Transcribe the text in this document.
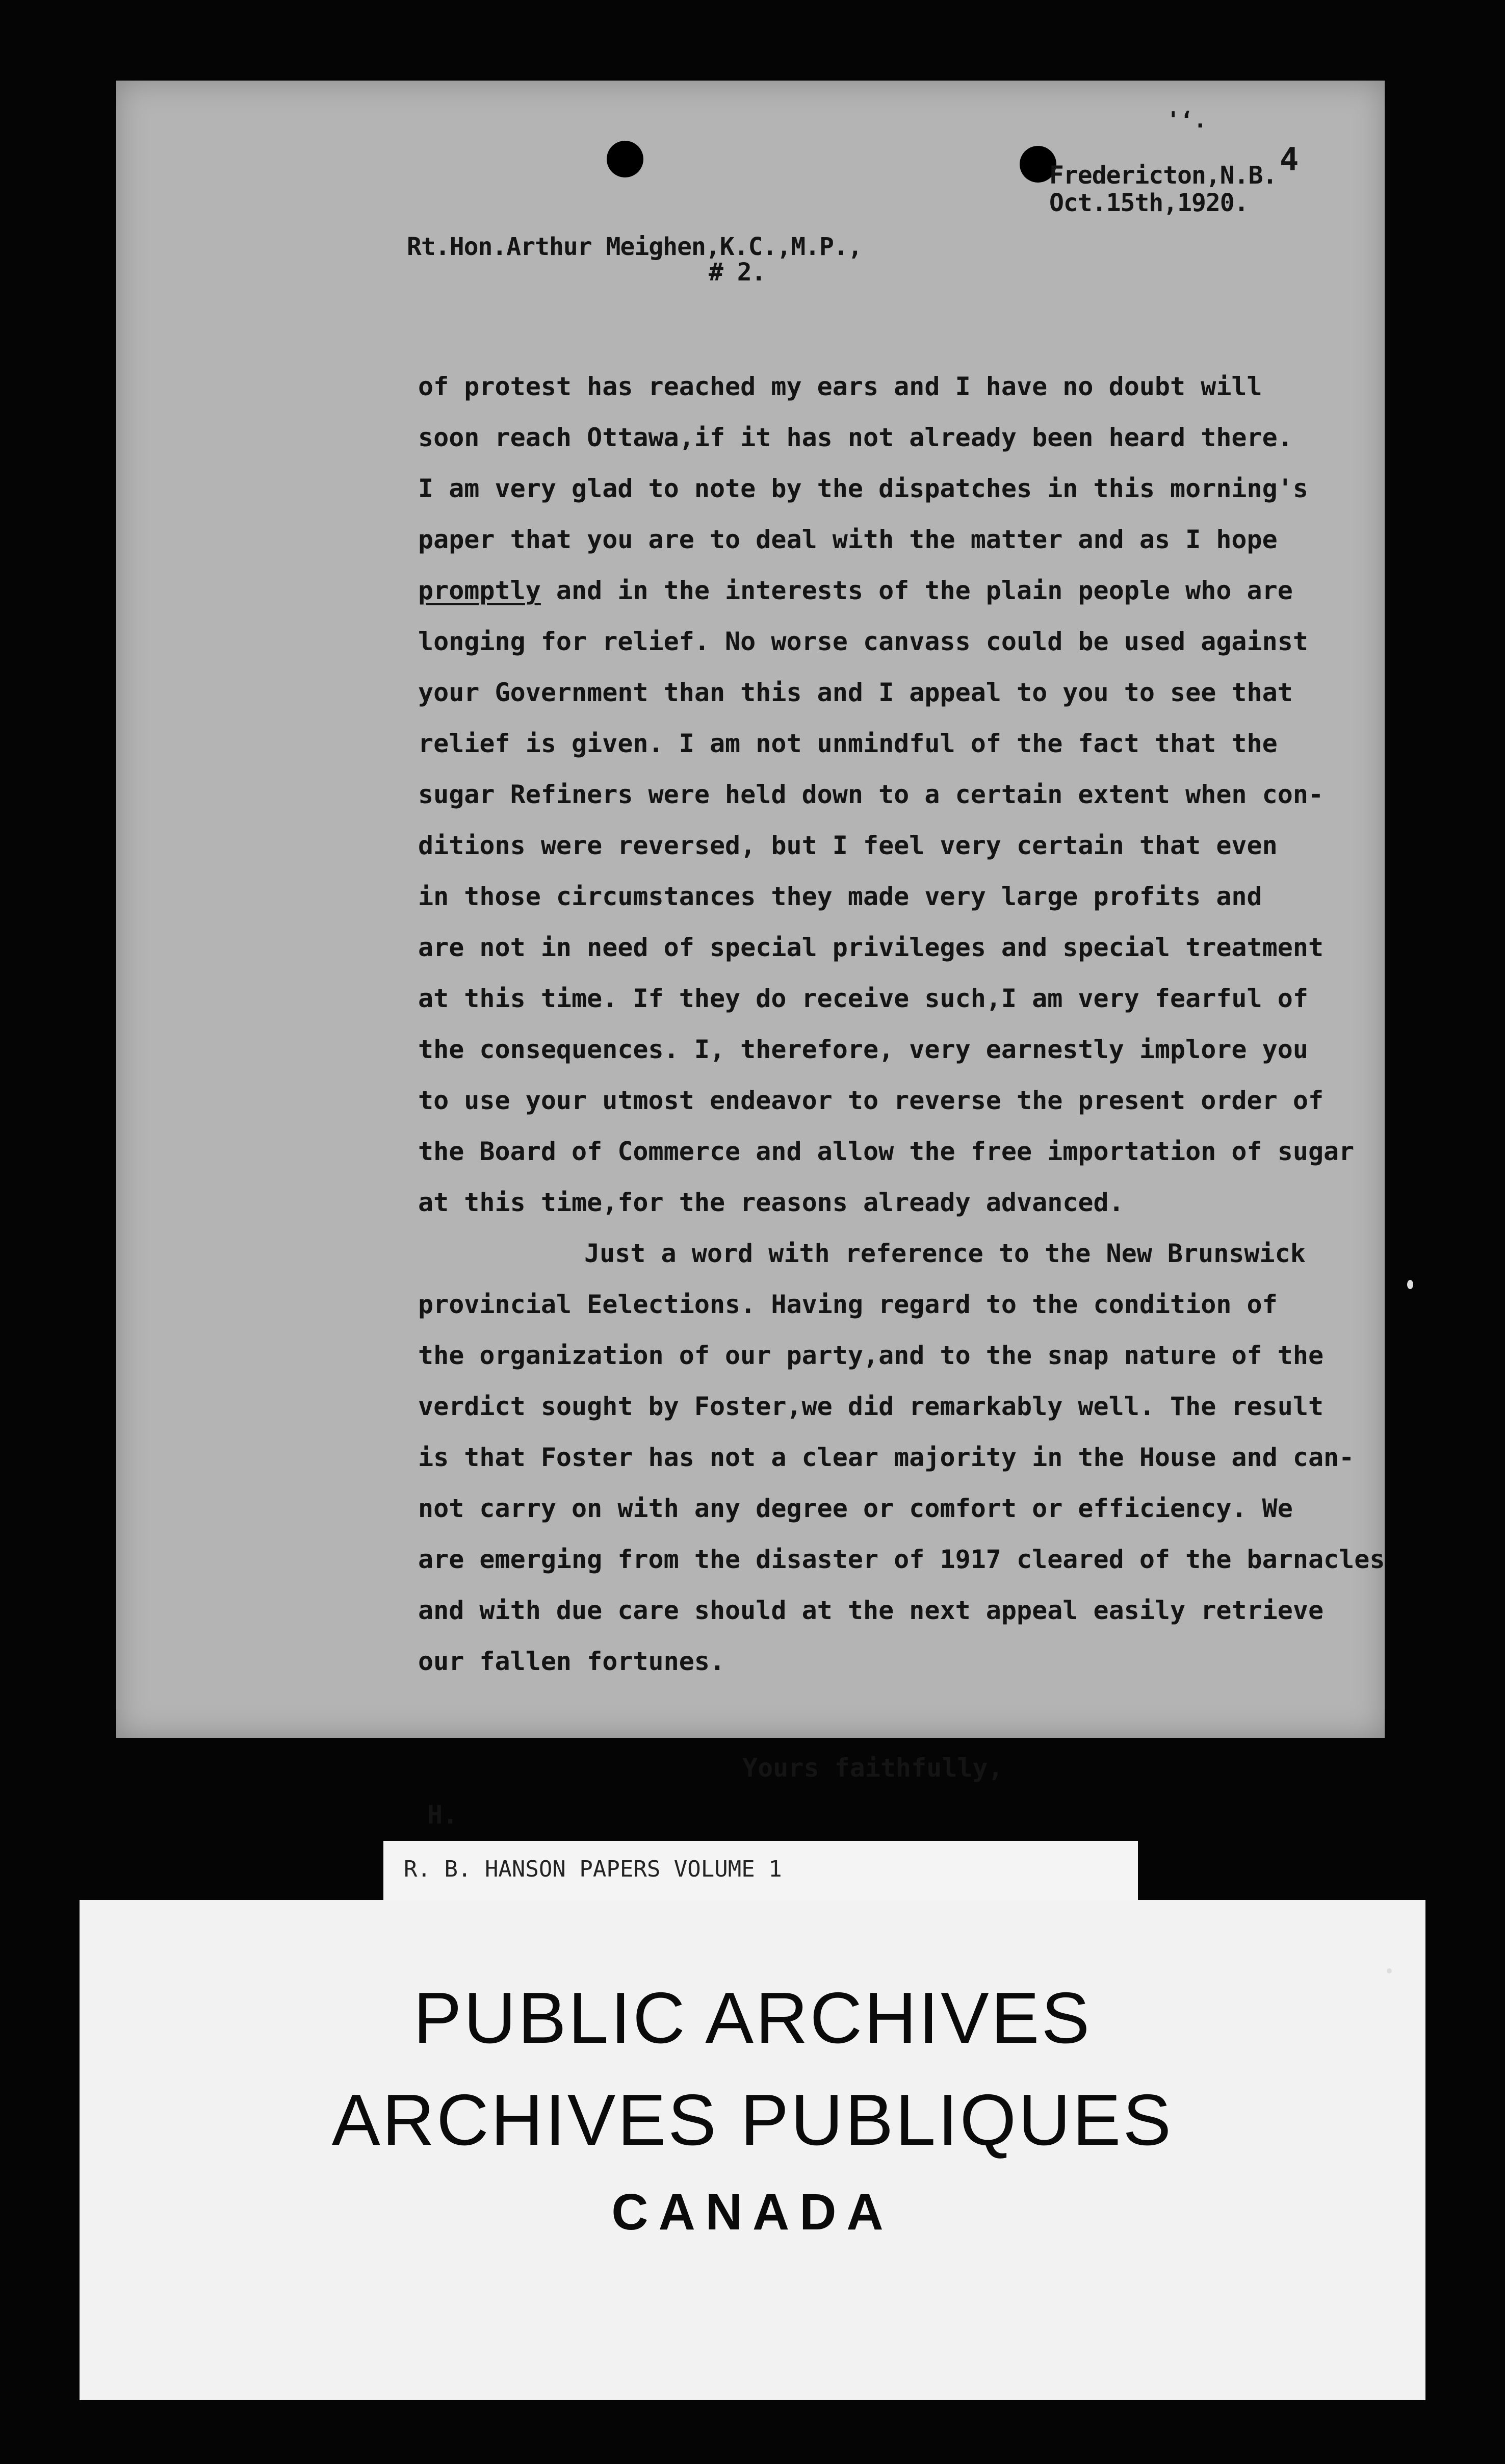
'‘.
4
Fredericton,N.B.
Oct.15th,1920.
Rt.Hon.Arthur Meighen,K.C.,M.P.,
# 2.
of protest has reached my ears and I have no doubt will
soon reach Ottawa,if it has not already been heard there.
I am very glad to note by the dispatches in this morning's
paper that you are to deal with the matter and as I hope
promptly and in the interests of the plain people who are
longing for relief. No worse canvass could be used against
your Government than this and I appeal to you to see that
relief is given. I am not unmindful of the fact that the
sugar Refiners were held down to a certain extent when con-
ditions were reversed, but I feel very certain that even
in those circumstances they made very large profits and
are not in need of special privileges and special treatment
at this time. If they do receive such,I am very fearful of
the consequences. I, therefore, very earnestly implore you
to use your utmost endeavor to reverse the present order of
the Board of Commerce and allow the free importation of sugar
at this time,for the reasons already advanced.
Just a word with reference to the New Brunswick
provincial Eelections. Having regard to the condition of
the organization of our party,and to the snap nature of the
verdict sought by Foster,we did remarkably well. The result
is that Foster has not a clear majority in the House and can-
not carry on with any degree or comfort or efficiency. We
are emerging from the disaster of 1917 cleared of the barnacles
and with due care should at the next appeal easily retrieve
our fallen fortunes.
Yours faithfully,
H.
R. B. HANSON PAPERS VOLUME 1
PUBLIC ARCHIVES
ARCHIVES PUBLIQUES
CANADA
